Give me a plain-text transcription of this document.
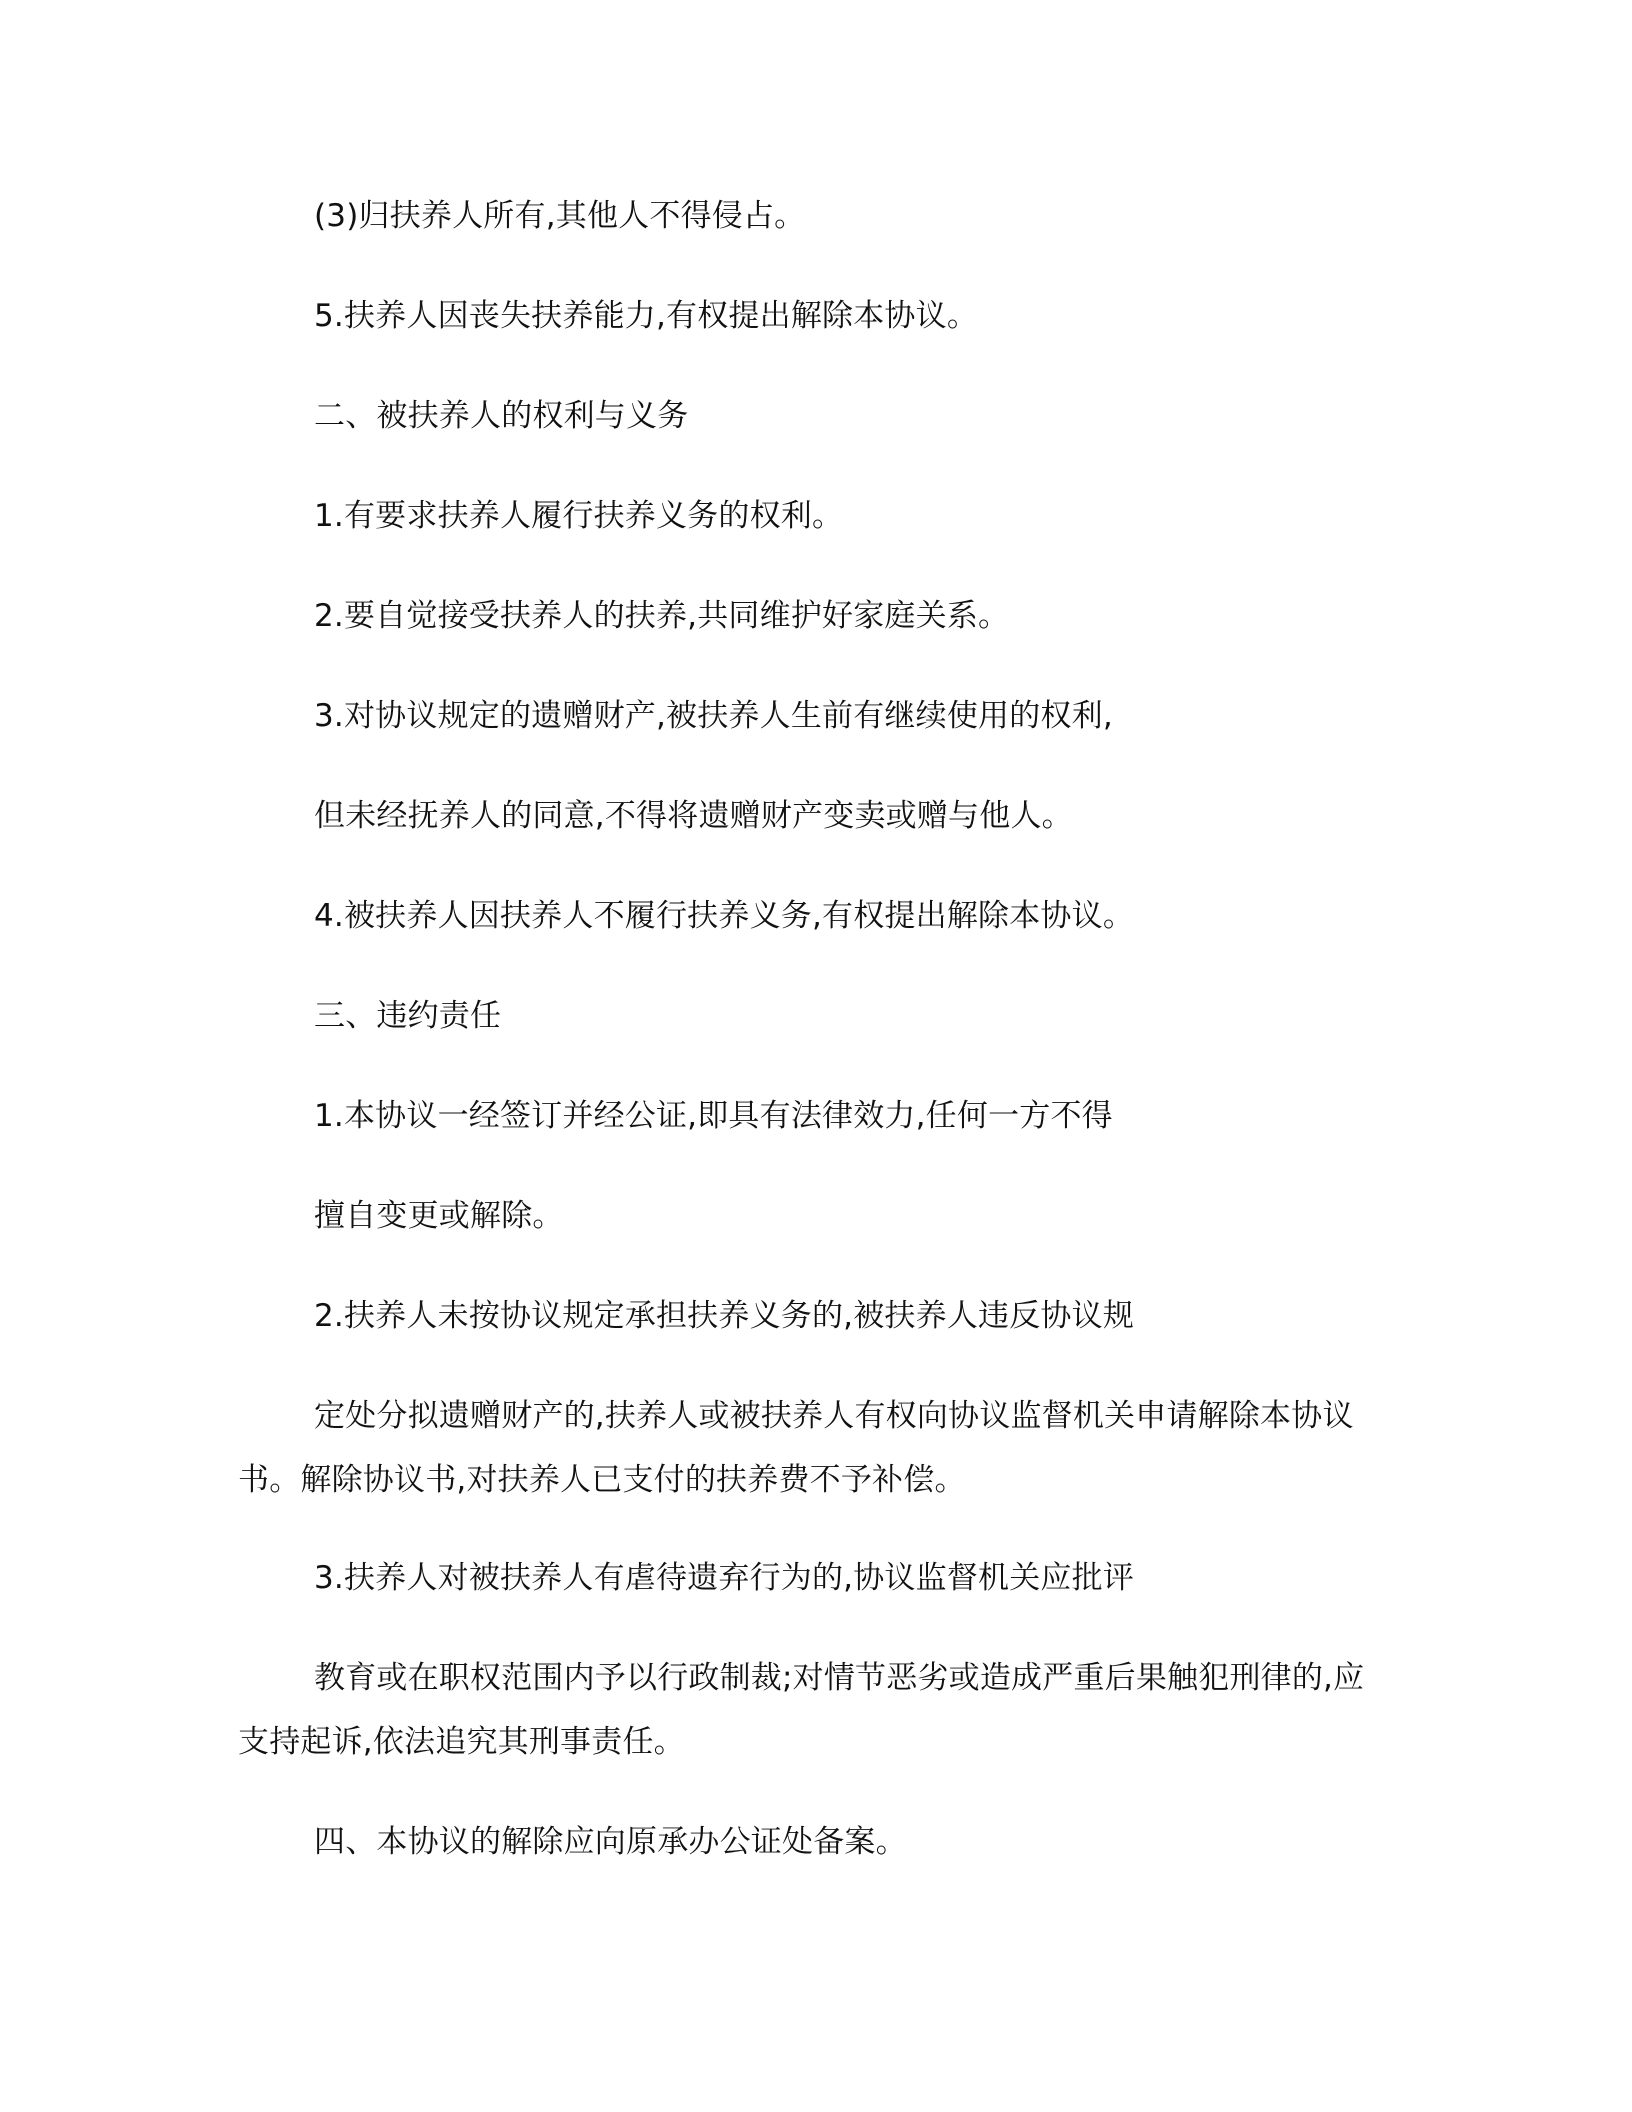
(3)归扶养人所有,其他人不得侵占。
5.扶养人因丧失扶养能力,有权提出解除本协议。
二、被扶养人的权利与义务
1.有要求扶养人履行扶养义务的权利。
2.要自觉接受扶养人的扶养,共同维护好家庭关系。
3.对协议规定的遗赠财产,被扶养人生前有继续使用的权利,
但未经抚养人的同意,不得将遗赠财产变卖或赠与他人。
4.被扶养人因扶养人不履行扶养义务,有权提出解除本协议。
三、违约责任
1.本协议一经签订并经公证,即具有法律效力,任何一方不得
擅自变更或解除。
2.扶养人未按协议规定承担扶养义务的,被扶养人违反协议规
定处分拟遗赠财产的,扶养人或被扶养人有权向协议监督机关申请解除本协议
书。解除协议书,对扶养人已支付的扶养费不予补偿。
3.扶养人对被扶养人有虐待遗弃行为的,协议监督机关应批评
教育或在职权范围内予以行政制裁;对情节恶劣或造成严重后果触犯刑律的,应
支持起诉,依法追究其刑事责任。
四、本协议的解除应向原承办公证处备案。
